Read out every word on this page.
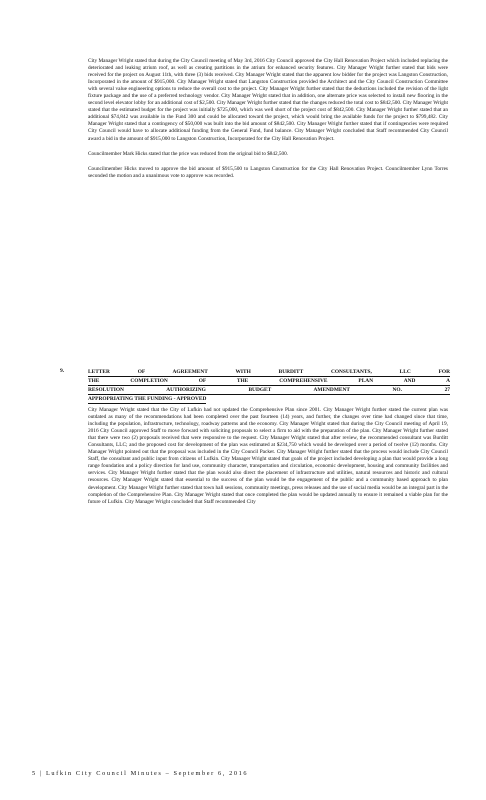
City Manager Wright stated that during the City Council meeting of May 3rd, 2016 City Council approved the City Hall Renovation Project which included replacing the deteriorated and leaking atrium roof, as well as creating partitions in the atrium for enhanced security features. City Manager Wright further stated that bids were received for the project on August 11th, with three (3) bids received. City Manager Wright stated that the apparent low bidder for the project was Langston Construction, Incorporated in the amount of $915,000. City Manager Wright stated that Langston Construction provided the Architect and the City Council Construction Committee with several value engineering options to reduce the overall cost to the project. City Manager Wright further stated that the deductions included the revision of the light fixture package and the use of a preferred technology vendor. City Manager Wright stated that in addition, one alternate price was selected to install new flooring in the second level elevator lobby for an additional cost of $2,500. City Manager Wright further stated that the changes reduced the total cost to $842,500. City Manager Wright stated that the estimated budget for the project was initially $725,000, which was well short of the project cost of $842,500. City Manager Wright further stated that an additional $74,842 was available in the Fund 300 and could be allocated toward the project, which would bring the available funds for the project to $799,482. City Manager Wright stated that a contingency of $50,000 was built into the bid amount of $842,500. City Manager Wright further stated that if contingencies were required City Council would have to allocate additional funding from the General Fund, fund balance. City Manager Wright concluded that Staff recommended City Council award a bid in the amount of $915,000 to Langston Construction, Incorporated for the City Hall Renovation Project.

Councilmember Mark Hicks stated that the price was reduced from the original bid to $842,500.

Councilmember Hicks moved to approve the bid amount of $915,500 to Langston Construction for the City Hall Renovation Project. Councilmember Lynn Torres seconded the motion and a unanimous vote to approve was recorded.

9.	LETTER OF AGREEMENT WITH BURDITT CONSULTANTS, LLC FOR
THE COMPLETION OF THE COMPREHENSIVE PLAN AND A
RESOLUTION AUTHORIZING BUDGET AMENDMENT NO. 27
APPROPRIATING THE FUNDING - APPROVED

City Manager Wright stated that the City of Lufkin had not updated the Comprehensive Plan since 2001. City Manager Wright further stated the current plan was outdated as many of the recommendations had been completed over the past fourteen (14) years, and further, the changes over time had changed since that time, including the population, infrastructure, technology, roadway patterns and the economy. City Manager Wright stated that during the City Council meeting of April 19, 2016 City Council approved Staff to move forward with soliciting proposals to select a firm to aid with the preparation of the plan. City Manager Wright further stated that there were two (2) proposals received that were responsive to the request. City Manager Wright stated that after review, the recommended consultant was Burditt Consultants, LLC; and the proposed cost for development of the plan was estimated at $234,750 which would be developed over a period of twelve (12) months. City Manager Wright pointed out that the proposal was included in the City Council Packet. City Manager Wright further stated that the process would include City Council Staff, the consultant and public input from citizens of Lufkin. City Manager Wright stated that goals of the project included developing a plan that would provide a long range foundation and a policy direction for land use, community character, transportation and circulation, economic development, housing and community facilities and services. City Manager Wright further stated that the plan would also direct the placement of infrastructure and utilities, natural resources and historic and cultural resources. City Manager Wright stated that essential to the success of the plan would be the engagement of the public and a community based approach to plan development. City Manager Wright further stated that town hall sessions, community meetings, press releases and the use of social media would be an integral part in the completion of the Comprehensive Plan. City Manager Wright stated that once completed the plan would be updated annually to ensure it remained a viable plan for the future of Lufkin. City Manager Wright concluded that Staff recommended City

5 | Lufkin City Council Minutes – September 6, 2016
